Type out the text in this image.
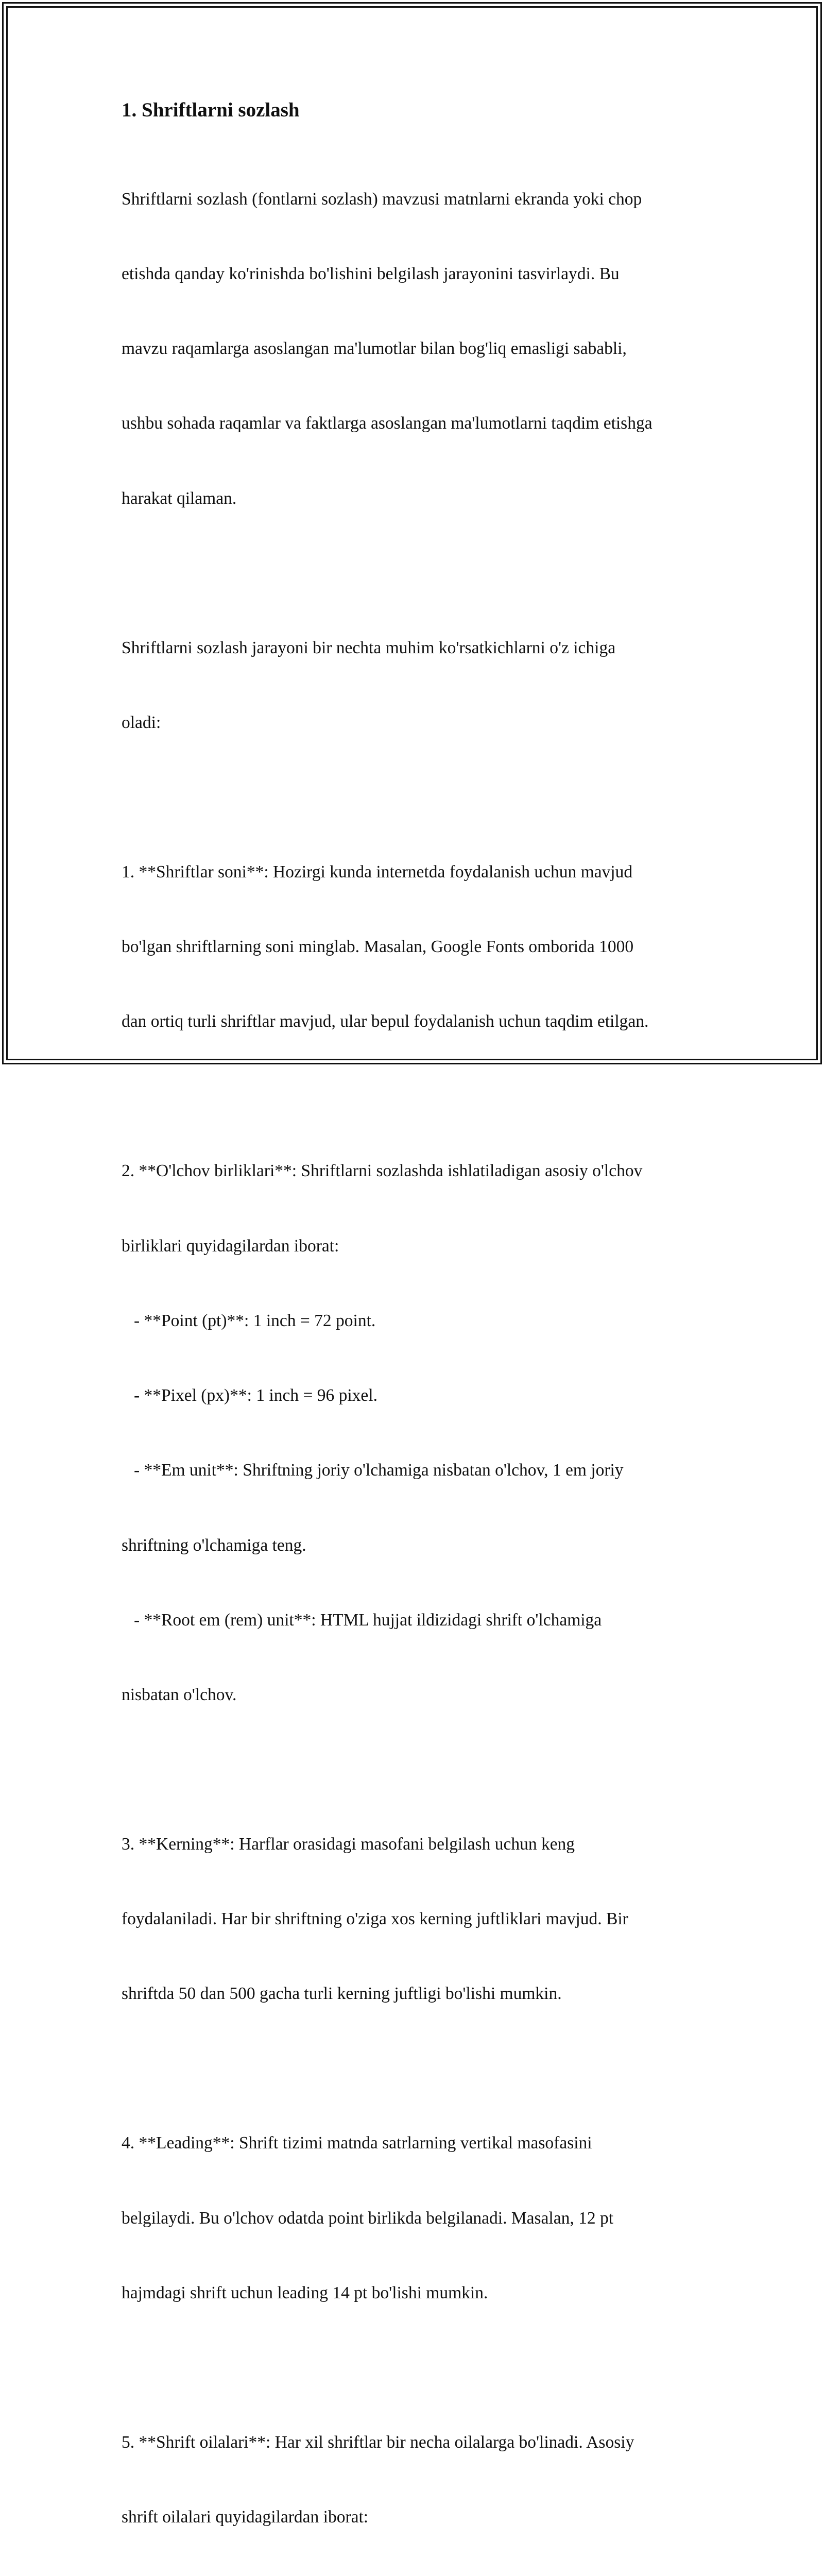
1. Shriftlarni sozlash

Shriftlarni sozlash (fontlarni sozlash) mavzusi matnlarni ekranda yoki chop

etishda qanday ko'rinishda bo'lishini belgilash jarayonini tasvirlaydi. Bu

mavzu raqamlarga asoslangan ma'lumotlar bilan bog'liq emasligi sababli,

ushbu sohada raqamlar va faktlarga asoslangan ma'lumotlarni taqdim etishga

harakat qilaman.

Shriftlarni sozlash jarayoni bir nechta muhim ko'rsatkichlarni o'z ichiga

oladi:

1. **Shriftlar soni**: Hozirgi kunda internetda foydalanish uchun mavjud

bo'lgan shriftlarning soni minglab. Masalan, Google Fonts omborida 1000

dan ortiq turli shriftlar mavjud, ular bepul foydalanish uchun taqdim etilgan.

2. **O'lchov birliklari**: Shriftlarni sozlashda ishlatiladigan asosiy o'lchov

birliklari quyidagilardan iborat:

- **Point (pt)**: 1 inch = 72 point.

- **Pixel (px)**: 1 inch = 96 pixel.

- **Em unit**: Shriftning joriy o'lchamiga nisbatan o'lchov, 1 em joriy

shriftning o'lchamiga teng.

- **Root em (rem) unit**: HTML hujjat ildizidagi shrift o'lchamiga

nisbatan o'lchov.

3. **Kerning**: Harflar orasidagi masofani belgilash uchun keng

foydalaniladi. Har bir shriftning o'ziga xos kerning juftliklari mavjud. Bir

shriftda 50 dan 500 gacha turli kerning juftligi bo'lishi mumkin.

4. **Leading**: Shrift tizimi matnda satrlarning vertikal masofasini

belgilaydi. Bu o'lchov odatda point birlikda belgilanadi. Masalan, 12 pt

hajmdagi shrift uchun leading 14 pt bo'lishi mumkin.

5. **Shrift oilalari**: Har xil shriftlar bir necha oilalarga bo'linadi. Asosiy

shrift oilalari quyidagilardan iborat:
